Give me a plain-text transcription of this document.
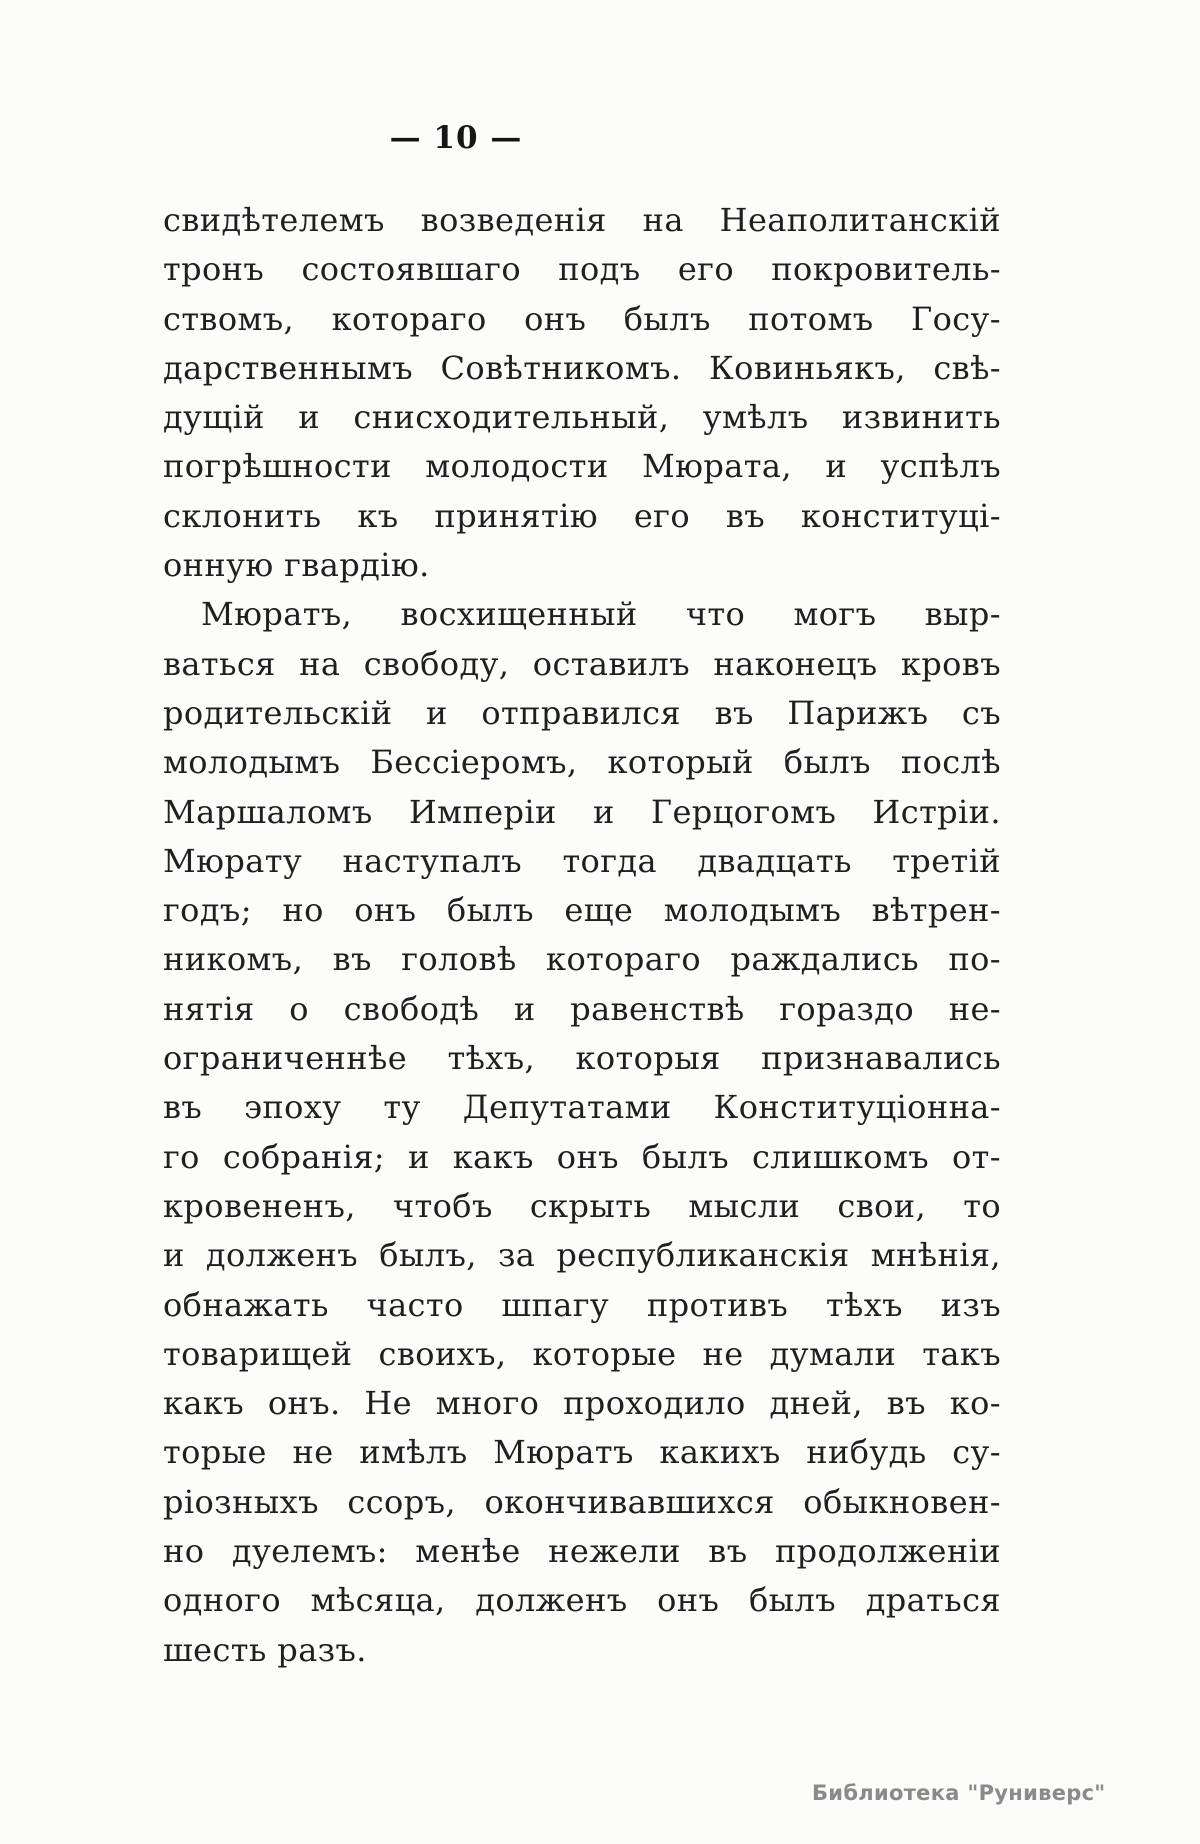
— 10 —
свидѣтелемъ возведенія на Неаполитанскій
тронъ состоявшаго подъ его покровитель-
ствомъ, котораго онъ былъ потомъ Госу-
дарственнымъ Совѣтникомъ. Ковиньякъ, свѣ-
дущій и снисходительный, умѣлъ извинить
погрѣшности молодости Мюрата, и успѣлъ
склонить къ принятію его въ конституці-
онную гвардію.
Мюратъ, восхищенный что могъ выр-
ваться на свободу, оставилъ наконецъ кровъ
родительскій и отправился въ Парижъ съ
молодымъ Бессіеромъ, который былъ послѣ
Маршаломъ Имперіи и Герцогомъ Истріи.
Мюрату наступалъ тогда двадцать третій
годъ; но онъ былъ еще молодымъ вѣтрен-
никомъ, въ головѣ котораго раждались по-
нятія о свободѣ и равенствѣ гораздо не-
ограниченнѣе тѣхъ, которыя признавались
въ эпоху ту Депутатами Конституціонна-
го собранія; и какъ онъ былъ слишкомъ от-
кровененъ, чтобъ скрыть мысли свои, то
и долженъ былъ, за республиканскія мнѣнія,
обнажать часто шпагу противъ тѣхъ изъ
товарищей своихъ, которые не думали такъ
какъ онъ. Не много проходило дней, въ ко-
торые не имѣлъ Мюратъ какихъ нибудь су-
ріозныхъ ссоръ, окончивавшихся обыкновен-
но дуелемъ: менѣе нежели въ продолженіи
одного мѣсяца, долженъ онъ былъ драться
шесть разъ.
Библиотека "Руниверс"
